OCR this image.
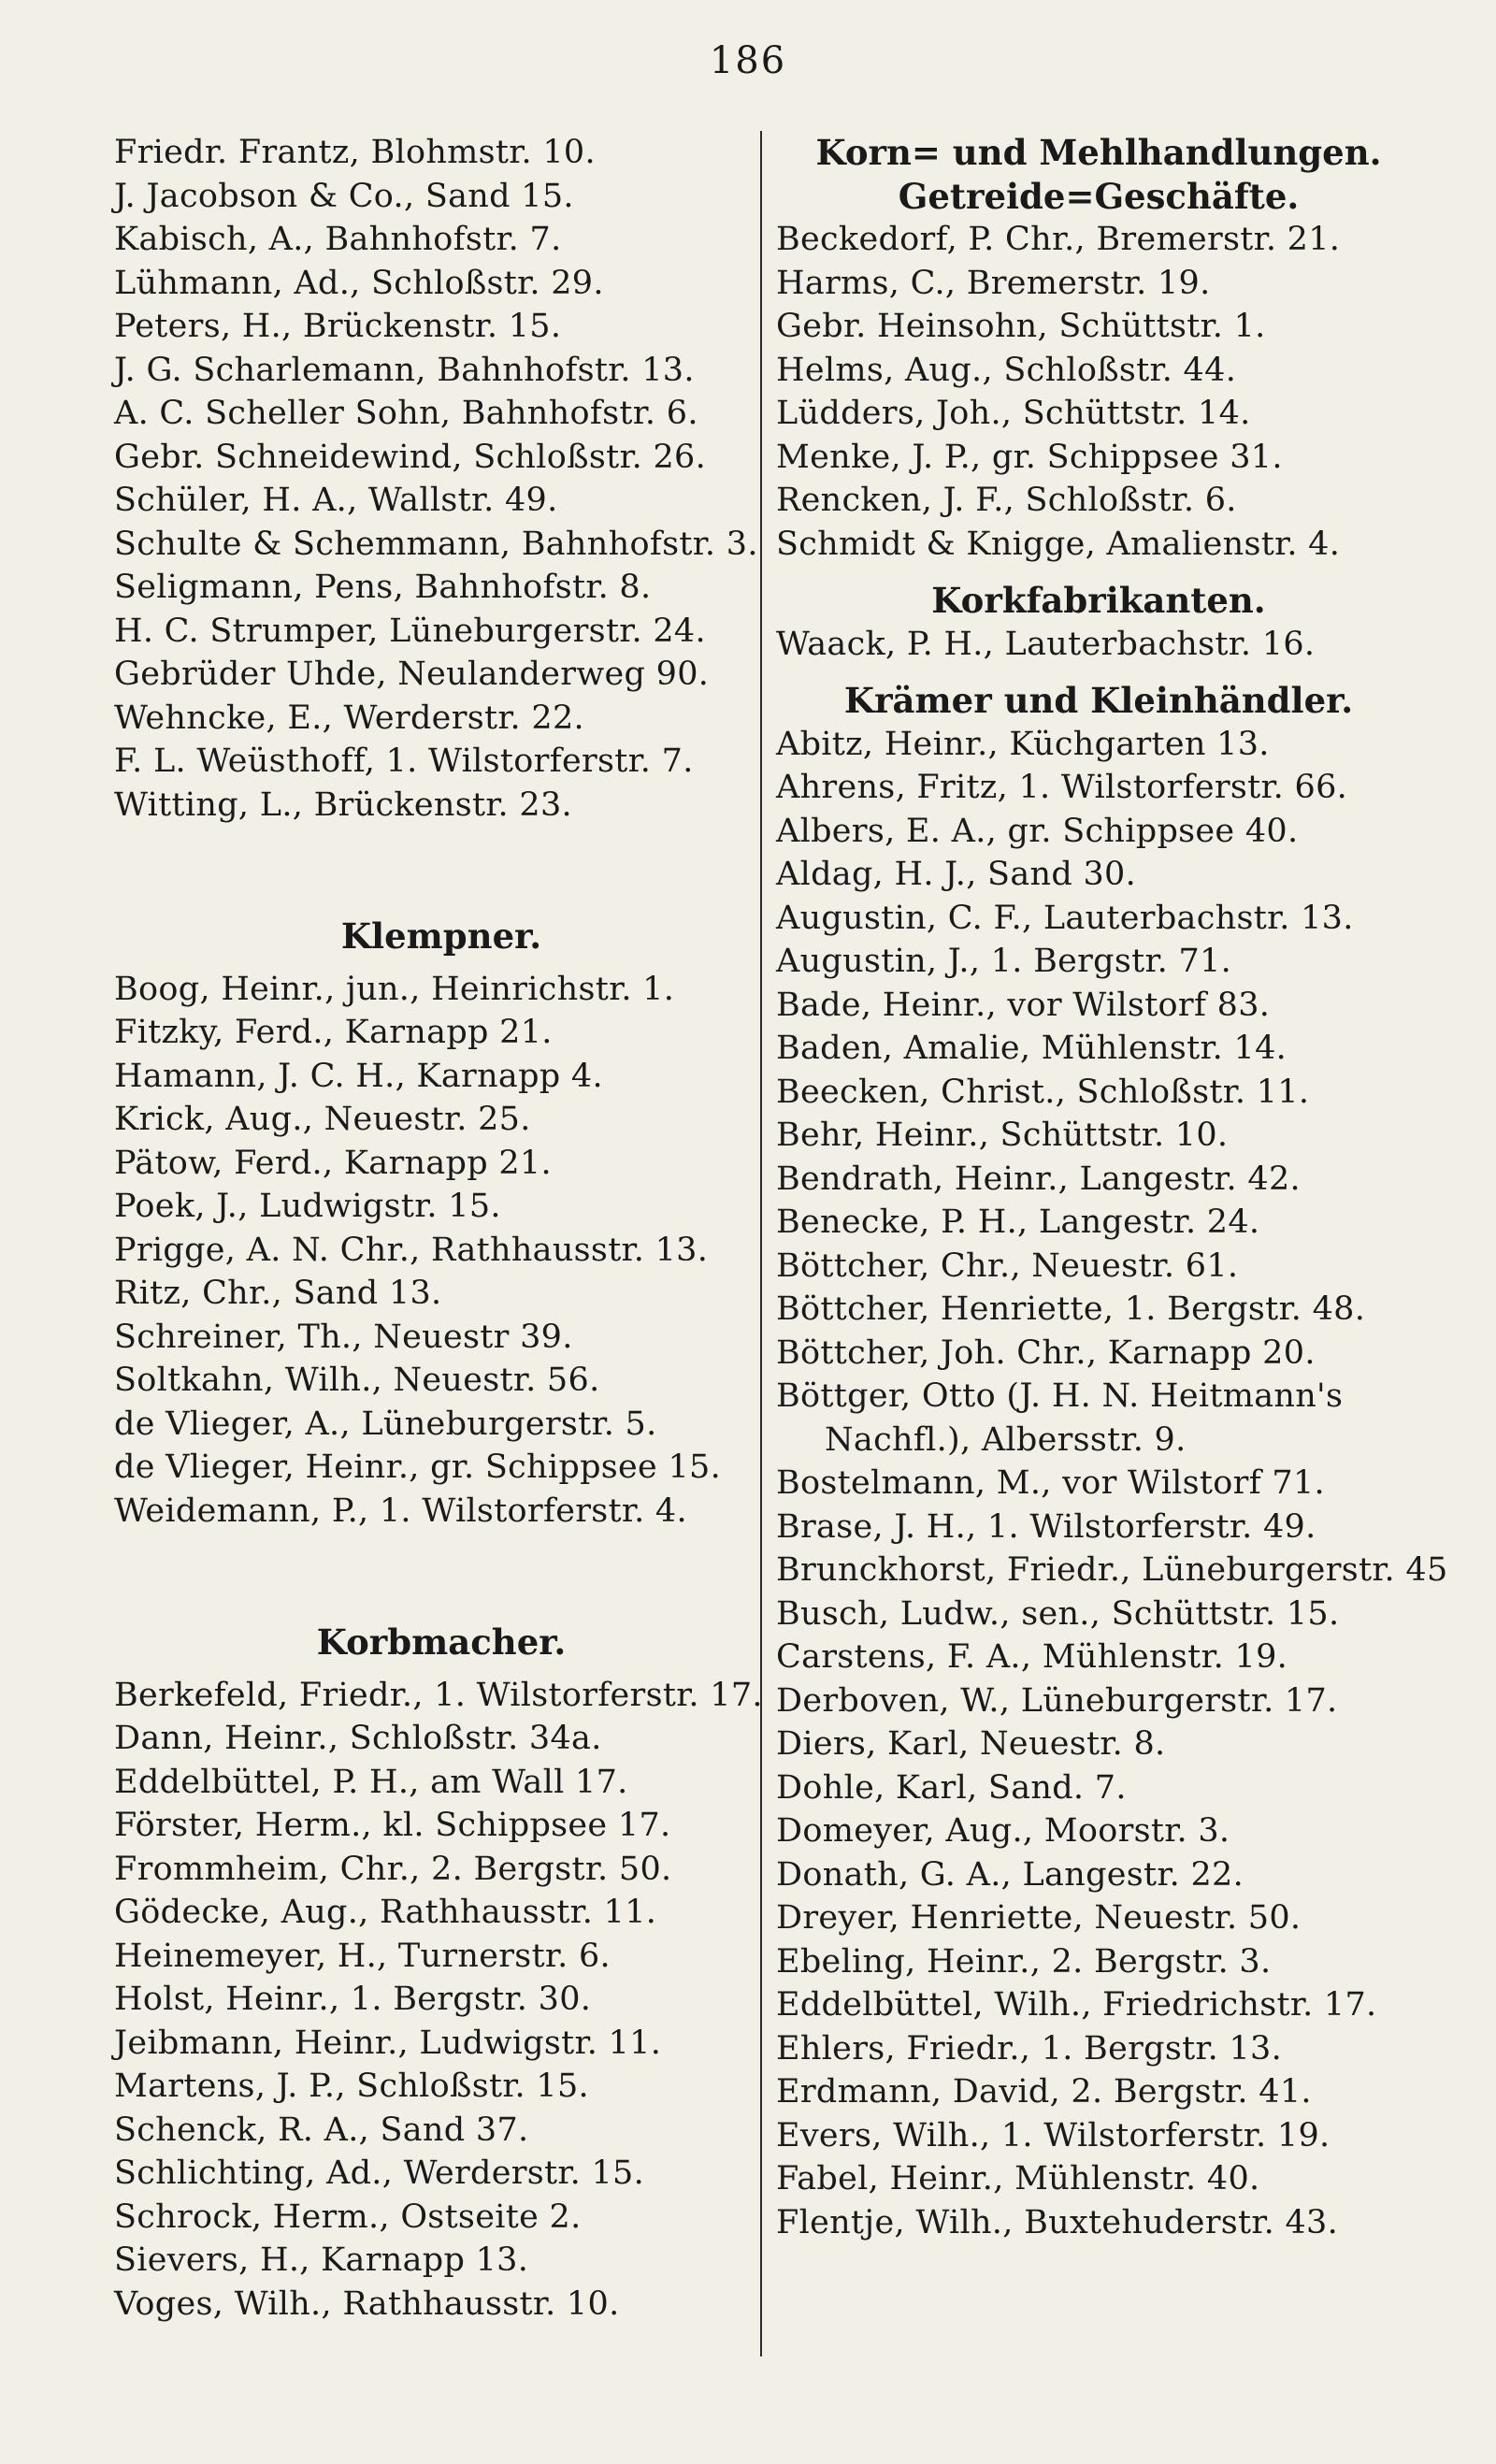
186
Friedr. Frantz, Blohmstr. 10.
J. Jacobson & Co., Sand 15.
Kabisch, A., Bahnhofstr. 7.
Lühmann, Ad., Schloßstr. 29.
Peters, H., Brückenstr. 15.
J. G. Scharlemann, Bahnhofstr. 13.
A. C. Scheller Sohn, Bahnhofstr. 6.
Gebr. Schneidewind, Schloßstr. 26.
Schüler, H. A., Wallstr. 49.
Schulte & Schemmann, Bahnhofstr. 3.
Seligmann, Pens, Bahnhofstr. 8.
H. C. Strumper, Lüneburgerstr. 24.
Gebrüder Uhde, Neulanderweg 90.
Wehncke, E., Werderstr. 22.
F. L. Weüsthoff, 1. Wilstorferstr. 7.
Witting, L., Brückenstr. 23.
Klempner.
Boog, Heinr., jun., Heinrichstr. 1.
Fitzky, Ferd., Karnapp 21.
Hamann, J. C. H., Karnapp 4.
Krick, Aug., Neuestr. 25.
Pätow, Ferd., Karnapp 21.
Poek, J., Ludwigstr. 15.
Prigge, A. N. Chr., Rathhausstr. 13.
Ritz, Chr., Sand 13.
Schreiner, Th., Neuestr 39.
Soltkahn, Wilh., Neuestr. 56.
de Vlieger, A., Lüneburgerstr. 5.
de Vlieger, Heinr., gr. Schippsee 15.
Weidemann, P., 1. Wilstorferstr. 4.
Korbmacher.
Berkefeld, Friedr., 1. Wilstorferstr. 17.
Dann, Heinr., Schloßstr. 34a.
Eddelbüttel, P. H., am Wall 17.
Förster, Herm., kl. Schippsee 17.
Frommheim, Chr., 2. Bergstr. 50.
Gödecke, Aug., Rathhausstr. 11.
Heinemeyer, H., Turnerstr. 6.
Holst, Heinr., 1. Bergstr. 30.
Jeibmann, Heinr., Ludwigstr. 11.
Martens, J. P., Schloßstr. 15.
Schenck, R. A., Sand 37.
Schlichting, Ad., Werderstr. 15.
Schrock, Herm., Ostseite 2.
Sievers, H., Karnapp 13.
Voges, Wilh., Rathhausstr. 10.
Korn= und Mehlhandlungen.
Getreide=Geschäfte.
Beckedorf, P. Chr., Bremerstr. 21.
Harms, C., Bremerstr. 19.
Gebr. Heinsohn, Schüttstr. 1.
Helms, Aug., Schloßstr. 44.
Lüdders, Joh., Schüttstr. 14.
Menke, J. P., gr. Schippsee 31.
Rencken, J. F., Schloßstr. 6.
Schmidt & Knigge, Amalienstr. 4.
Korkfabrikanten.
Waack, P. H., Lauterbachstr. 16.
Krämer und Kleinhändler.
Abitz, Heinr., Küchgarten 13.
Ahrens, Fritz, 1. Wilstorferstr. 66.
Albers, E. A., gr. Schippsee 40.
Aldag, H. J., Sand 30.
Augustin, C. F., Lauterbachstr. 13.
Augustin, J., 1. Bergstr. 71.
Bade, Heinr., vor Wilstorf 83.
Baden, Amalie, Mühlenstr. 14.
Beecken, Christ., Schloßstr. 11.
Behr, Heinr., Schüttstr. 10.
Bendrath, Heinr., Langestr. 42.
Benecke, P. H., Langestr. 24.
Böttcher, Chr., Neuestr. 61.
Böttcher, Henriette, 1. Bergstr. 48.
Böttcher, Joh. Chr., Karnapp 20.
Böttger, Otto (J. H. N. Heitmann's
Nachfl.), Albersstr. 9.
Bostelmann, M., vor Wilstorf 71.
Brase, J. H., 1. Wilstorferstr. 49.
Brunckhorst, Friedr., Lüneburgerstr. 45
Busch, Ludw., sen., Schüttstr. 15.
Carstens, F. A., Mühlenstr. 19.
Derboven, W., Lüneburgerstr. 17.
Diers, Karl, Neuestr. 8.
Dohle, Karl, Sand. 7.
Domeyer, Aug., Moorstr. 3.
Donath, G. A., Langestr. 22.
Dreyer, Henriette, Neuestr. 50.
Ebeling, Heinr., 2. Bergstr. 3.
Eddelbüttel, Wilh., Friedrichstr. 17.
Ehlers, Friedr., 1. Bergstr. 13.
Erdmann, David, 2. Bergstr. 41.
Evers, Wilh., 1. Wilstorferstr. 19.
Fabel, Heinr., Mühlenstr. 40.
Flentje, Wilh., Buxtehuderstr. 43.
